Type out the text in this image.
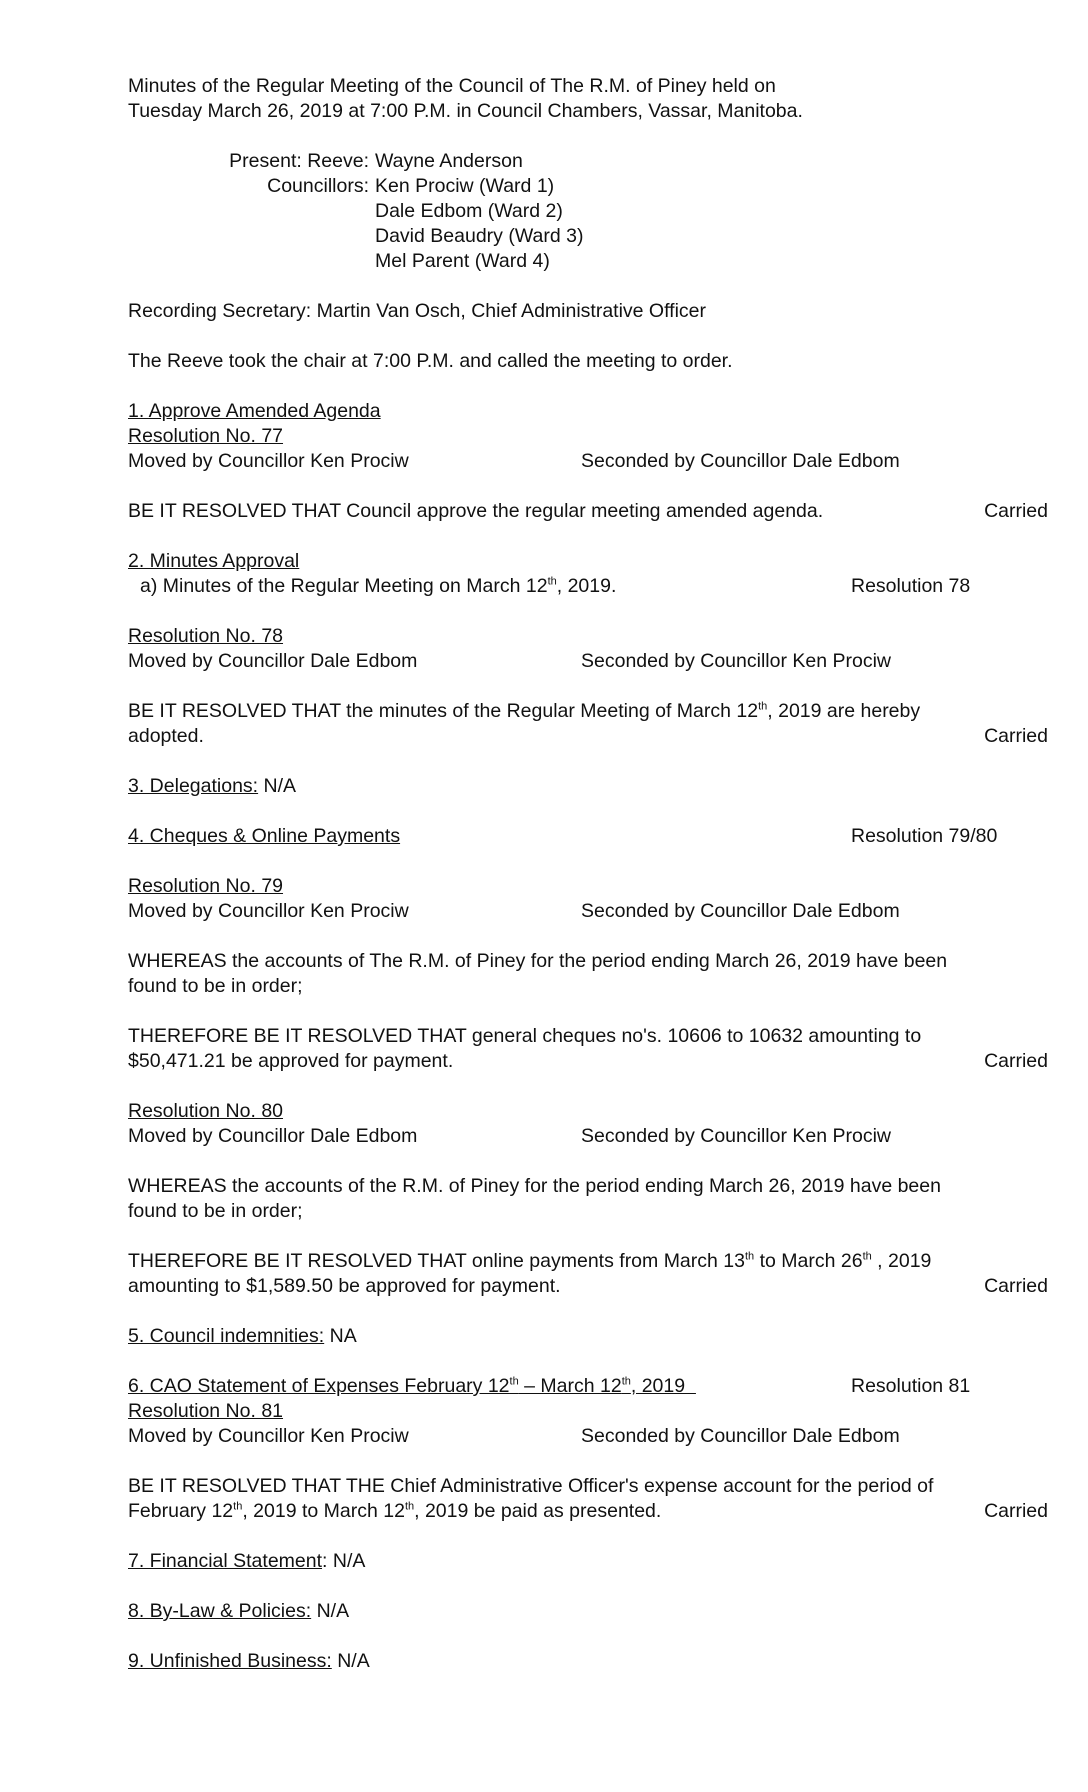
Minutes of the Regular Meeting of the Council of The R.M. of Piney held on

Tuesday March 26, 2019 at 7:00 P.M. in Council Chambers, Vassar, Manitoba.

Present: Reeve: Wayne Anderson
Councillors: Ken Prociw (Ward 1)
Dale Edbom (Ward 2)
David Beaudry (Ward 3)
Mel Parent (Ward 4)

Recording Secretary: Martin Van Osch, Chief Administrative Officer

The Reeve took the chair at 7:00 P.M. and called the meeting to order.

1. Approve Amended Agenda

Resolution No. 77

Moved by Councillor Ken Prociw	Seconded by Councillor Dale Edbom
BE IT RESOLVED THAT Council approve the regular meeting amended agenda.	Carried

2. Minutes Approval

a) Minutes of the Regular Meeting on March 12th, 2019.	Resolution 78

Resolution No. 78

Moved by Councillor Dale Edbom	Seconded by Councillor Ken Prociw

BE IT RESOLVED THAT the minutes of the Regular Meeting of March 12th, 2019 are hereby

adopted.	Carried

3. Delegations: N/A

4. Cheques & Online Payments	Resolution 79/80

Resolution No. 79

Moved by Councillor Ken Prociw	Seconded by Councillor Dale Edbom

WHEREAS the accounts of The R.M. of Piney for the period ending March 26, 2019 have been

found to be in order;

THEREFORE BE IT RESOLVED THAT general cheques no's. 10606 to 10632 amounting to

$50,471.21 be approved for payment.	Carried

Resolution No. 80

Moved by Councillor Dale Edbom	Seconded by Councillor Ken Prociw

WHEREAS the accounts of the R.M. of Piney for the period ending March 26, 2019 have been

found to be in order;

THEREFORE BE IT RESOLVED THAT online payments from March 13th to March 26th , 2019

amounting to $1,589.50 be approved for payment.	Carried

5. Council indemnities: NA

6. CAO Statement of Expenses February 12th – March 12th, 2019	Resolution 81

Resolution No. 81

Moved by Councillor Ken Prociw	Seconded by Councillor Dale Edbom

BE IT RESOLVED THAT THE Chief Administrative Officer's expense account for the period of

February 12th, 2019 to March 12th, 2019 be paid as presented.	Carried

7. Financial Statement: N/A

8. By-Law & Policies: N/A

9. Unfinished Business: N/A
